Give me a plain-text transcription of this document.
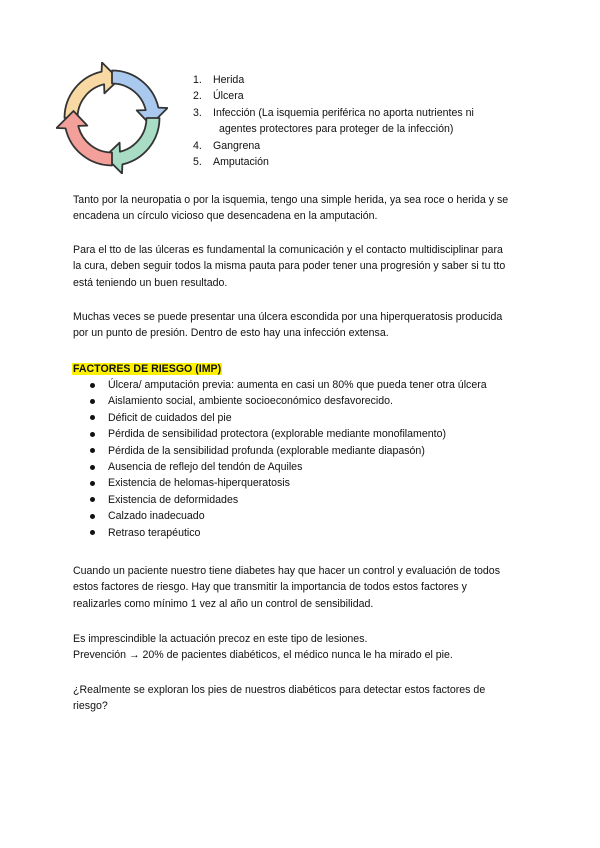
1. Herida
2. Úlcera
3. Infección (La isquemia periférica no aporta nutrientes ni
agentes protectores para proteger de la infección)
4. Gangrena
5. Amputación

Tanto por la neuropatia o por la isquemia, tengo una simple herida, ya sea roce o herida y se
encadena un círculo vicioso que desencadena en la amputación.

Para el tto de las úlceras es fundamental la comunicación y el contacto multidisciplinar para
la cura, deben seguir todos la misma pauta para poder tener una progresión y saber si tu tto
está teniendo un buen resultado.

Muchas veces se puede presentar una úlcera escondida por una hiperqueratosis producida
por un punto de presión. Dentro de esto hay una infección extensa.

FACTORES DE RIESGO (IMP)

Úlcera/ amputación previa: aumenta en casi un 80% que pueda tener otra úlcera
Aislamiento social, ambiente socioeconómico desfavorecido.
Déficit de cuidados del pie
Pérdida de sensibilidad protectora (explorable mediante monofilamento)
Pérdida de la sensibilidad profunda (explorable mediante diapasón)
Ausencia de reflejo del tendón de Aquiles
Existencia de helomas-hiperqueratosis
Existencia de deformidades
Calzado inadecuado
Retraso terapéutico

Cuando un paciente nuestro tiene diabetes hay que hacer un control y evaluación de todos
estos factores de riesgo. Hay que transmitir la importancia de todos estos factores y
realizarles como mínimo 1 vez al año un control de sensibilidad.

Es imprescindible la actuación precoz en este tipo de lesiones.
Prevención → 20% de pacientes diabéticos, el médico nunca le ha mirado el pie.

¿Realmente se exploran los pies de nuestros diabéticos para detectar estos factores de
riesgo?
